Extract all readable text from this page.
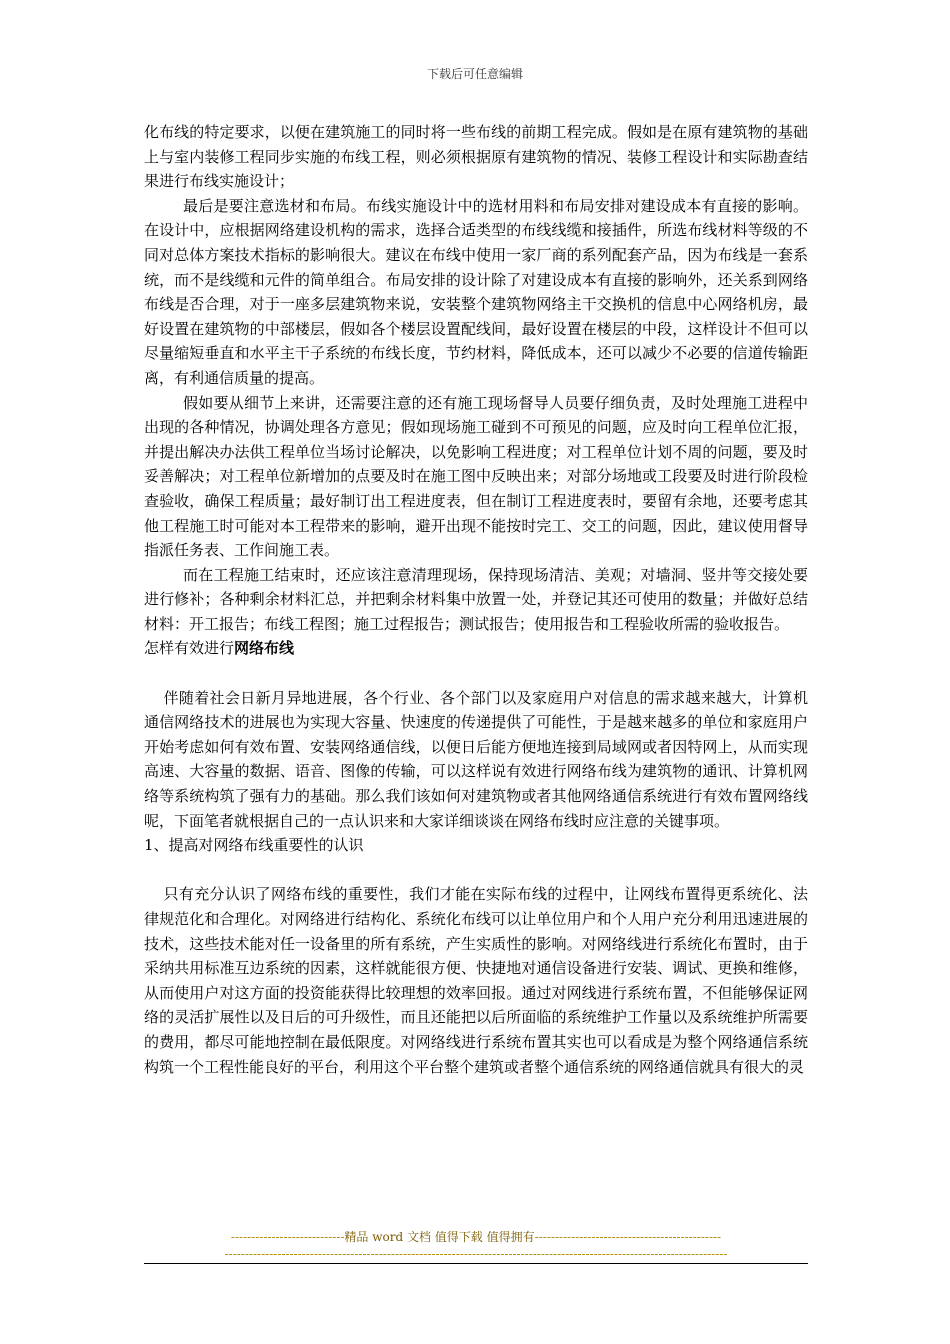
下载后可任意编辑

化布线的特定要求，以便在建筑施工的同时将一些布线的前期工程完成。假如是在原有建筑物的基础上与室内装修工程同步实施的布线工程，则必须根据原有建筑物的情况、装修工程设计和实际勘查结果进行布线实施设计；

最后是要注意选材和布局。布线实施设计中的选材用料和布局安排对建设成本有直接的影响。在设计中，应根据网络建设机构的需求，选择合适类型的布线线缆和接插件，所选布线材料等级的不同对总体方案技术指标的影响很大。建议在布线中使用一家厂商的系列配套产品，因为布线是一套系统，而不是线缆和元件的简单组合。布局安排的设计除了对建设成本有直接的影响外，还关系到网络布线是否合理，对于一座多层建筑物来说，安装整个建筑物网络主干交换机的信息中心网络机房，最好设置在建筑物的中部楼层，假如各个楼层设置配线间，最好设置在楼层的中段，这样设计不但可以尽量缩短垂直和水平主干子系统的布线长度，节约材料，降低成本，还可以减少不必要的信道传输距离，有利通信质量的提高。

假如要从细节上来讲，还需要注意的还有施工现场督导人员要仔细负责，及时处理施工进程中出现的各种情况，协调处理各方意见；假如现场施工碰到不可预见的问题，应及时向工程单位汇报，并提出解决办法供工程单位当场讨论解决，以免影响工程进度；对工程单位计划不周的问题，要及时妥善解决；对工程单位新增加的点要及时在施工图中反映出来；对部分场地或工段要及时进行阶段检查验收，确保工程质量；最好制订出工程进度表，但在制订工程进度表时，要留有余地，还要考虑其他工程施工时可能对本工程带来的影响，避开出现不能按时完工、交工的问题，因此，建议使用督导指派任务表、工作间施工表。

而在工程施工结束时，还应该注意清理现场，保持现场清洁、美观；对墙洞、竖井等交接处要进行修补；各种剩余材料汇总，并把剩余材料集中放置一处，并登记其还可使用的数量；并做好总结材料：开工报告；布线工程图；施工过程报告；测试报告；使用报告和工程验收所需的验收报告。

怎样有效进行网络布线

伴随着社会日新月异地进展，各个行业、各个部门以及家庭用户对信息的需求越来越大，计算机通信网络技术的进展也为实现大容量、快速度的传递提供了可能性，于是越来越多的单位和家庭用户开始考虑如何有效布置、安装网络通信线，以便日后能方便地连接到局域网或者因特网上，从而实现高速、大容量的数据、语音、图像的传输，可以这样说有效进行网络布线为建筑物的通讯、计算机网络等系统构筑了强有力的基础。那么我们该如何对建筑物或者其他网络通信系统进行有效布置网络线呢，下面笔者就根据自己的一点认识来和大家详细谈谈在网络布线时应注意的关键事项。

1、提高对网络布线重要性的认识

只有充分认识了网络布线的重要性，我们才能在实际布线的过程中，让网线布置得更系统化、法律规范化和合理化。对网络进行结构化、系统化布线可以让单位用户和个人用户充分利用迅速进展的技术，这些技术能对任一设备里的所有系统，产生实质性的影响。对网络线进行系统化布置时，由于采纳共用标准互边系统的因素，这样就能很方便、快捷地对通信设备进行安装、调试、更换和维修，从而使用户对这方面的投资能获得比较理想的效率回报。通过对网线进行系统布置，不但能够保证网络的灵活扩展性以及日后的可升级性，而且还能把以后所面临的系统维护工作量以及系统维护所需要的费用，都尽可能地控制在最低限度。对网络线进行系统布置其实也可以看成是为整个网络通信系统构筑一个工程性能良好的平台，利用这个平台整个建筑或者整个通信系统的网络通信就具有很大的灵

----------------------------精品 word 文档 值得下载 值得拥有----------------------------------------------
----------------------------------------------------------------------------------------------------------------------------
